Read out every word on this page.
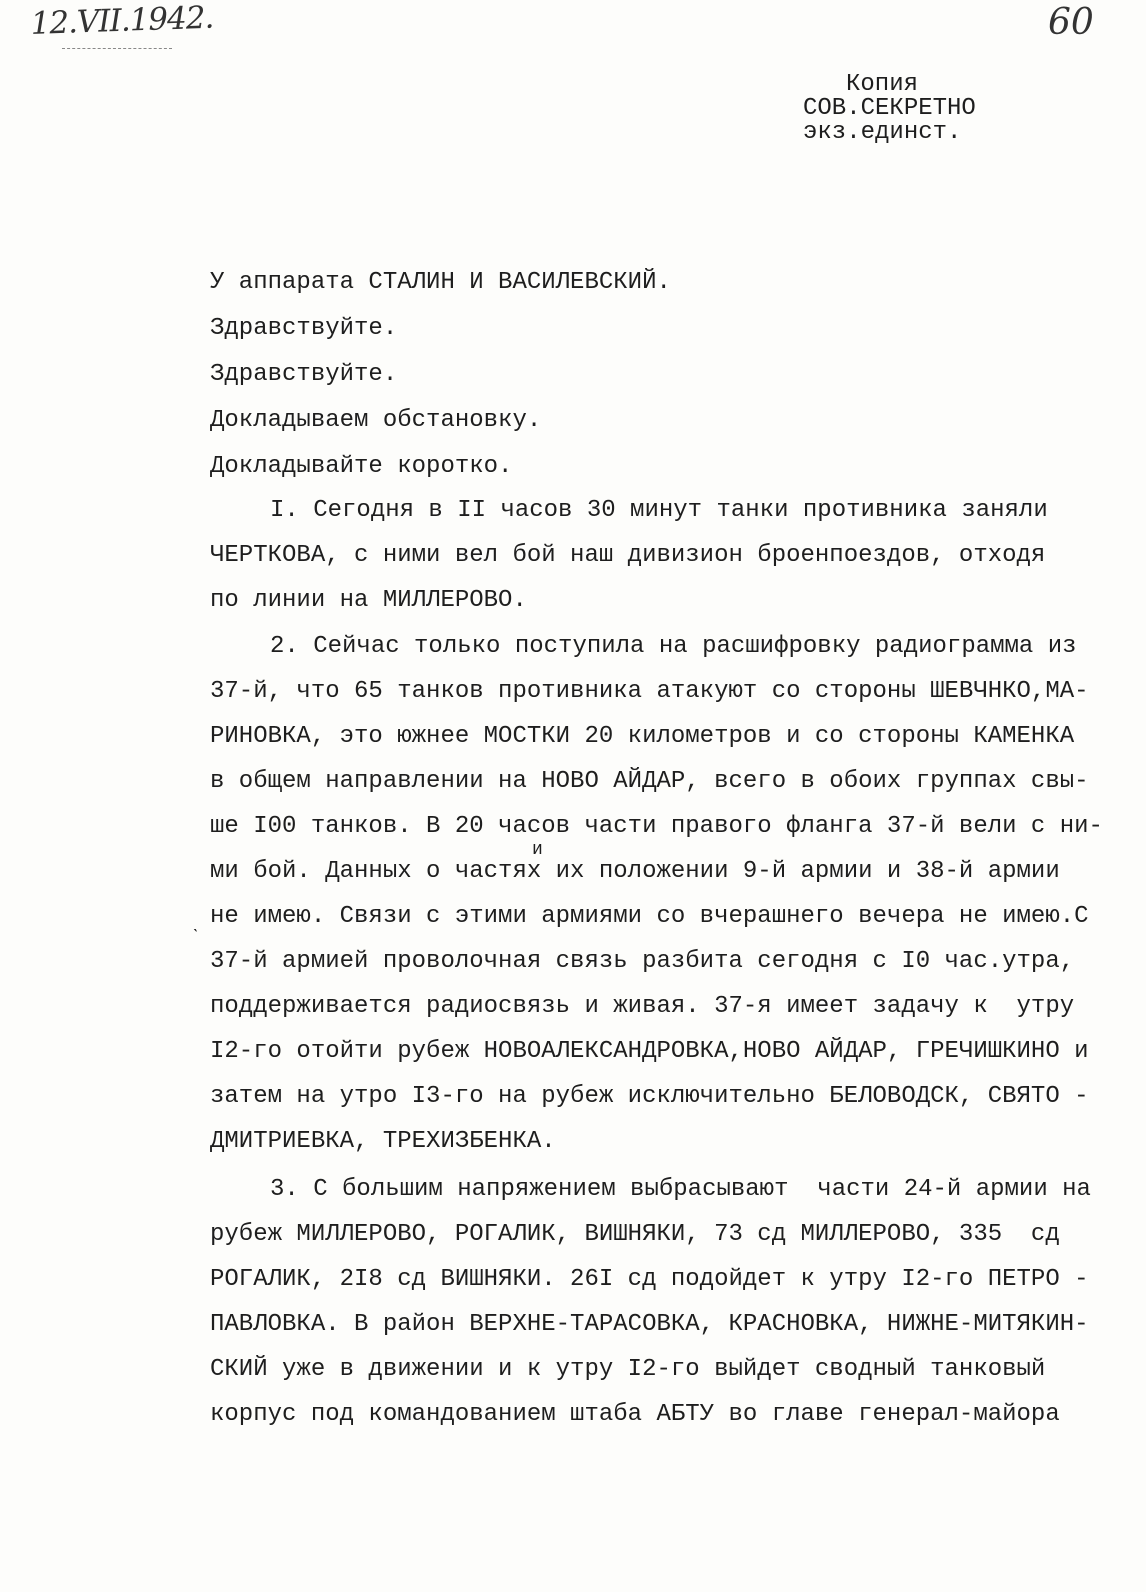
12.VII.1942.	60
Копия
СОВ.СЕКРЕТНО
экз.единст.
У аппарата СТАЛИН И ВАСИЛЕВСКИЙ.
Здравствуйте.
Здравствуйте.
Докладываем обстановку.
Докладывайте коротко.
I. Сегодня в II часов 30 минут танки противника заняли
ЧЕРТКОВА, с ними вел бой наш дивизион броенпоездов, отходя
по линии на МИЛЛЕРОВО.
2. Сейчас только поступила на расшифровку радиограмма из
37-й, что 65 танков противника атакуют со стороны ШЕВЧНКО,МА-
РИНОВКА, это южнее МОСТКИ 20 километров и со стороны КАМЕНКА
в общем направлении на НОВО АЙДАР, всего в обоих группах свы-
ше I00 танков. В 20 часов части правого фланга 37-й вели с ни-
и
ми бой. Данных о частях их положении 9-й армии и 38-й армии
ˎ не имею. Связи с этими армиями со вчерашнего вечера не имею.С
37-й армией проволочная связь разбита сегодня с I0 час.утра,
поддерживается радиосвязь и живая. 37-я имеет задачу к  утру
I2-го отойти рубеж НОВОАЛЕКСАНДРОВКА,НОВО АЙДАР, ГРЕЧИШКИНО и
затем на утро I3-го на рубеж исключительно БЕЛОВОДСК, СВЯТО -
ДМИТРИЕВКА, ТРЕХИЗБЕНКА.
3. С большим напряжением выбрасывают  части 24-й армии на
рубеж МИЛЛЕРОВО, РОГАЛИК, ВИШНЯКИ, 73 сд МИЛЛЕРОВО, 335  сд
РОГАЛИК, 2I8 сд ВИШНЯКИ. 26I сд подойдет к утру I2-го ПЕТРО -
ПАВЛОВКА. В район ВЕРХНЕ-ТАРАСОВКА, КРАСНОВКА, НИЖНЕ-МИТЯКИН-
СКИЙ уже в движении и к утру I2-го выйдет сводный танковый
корпус под командованием штаба АБТУ во главе генерал-майора
